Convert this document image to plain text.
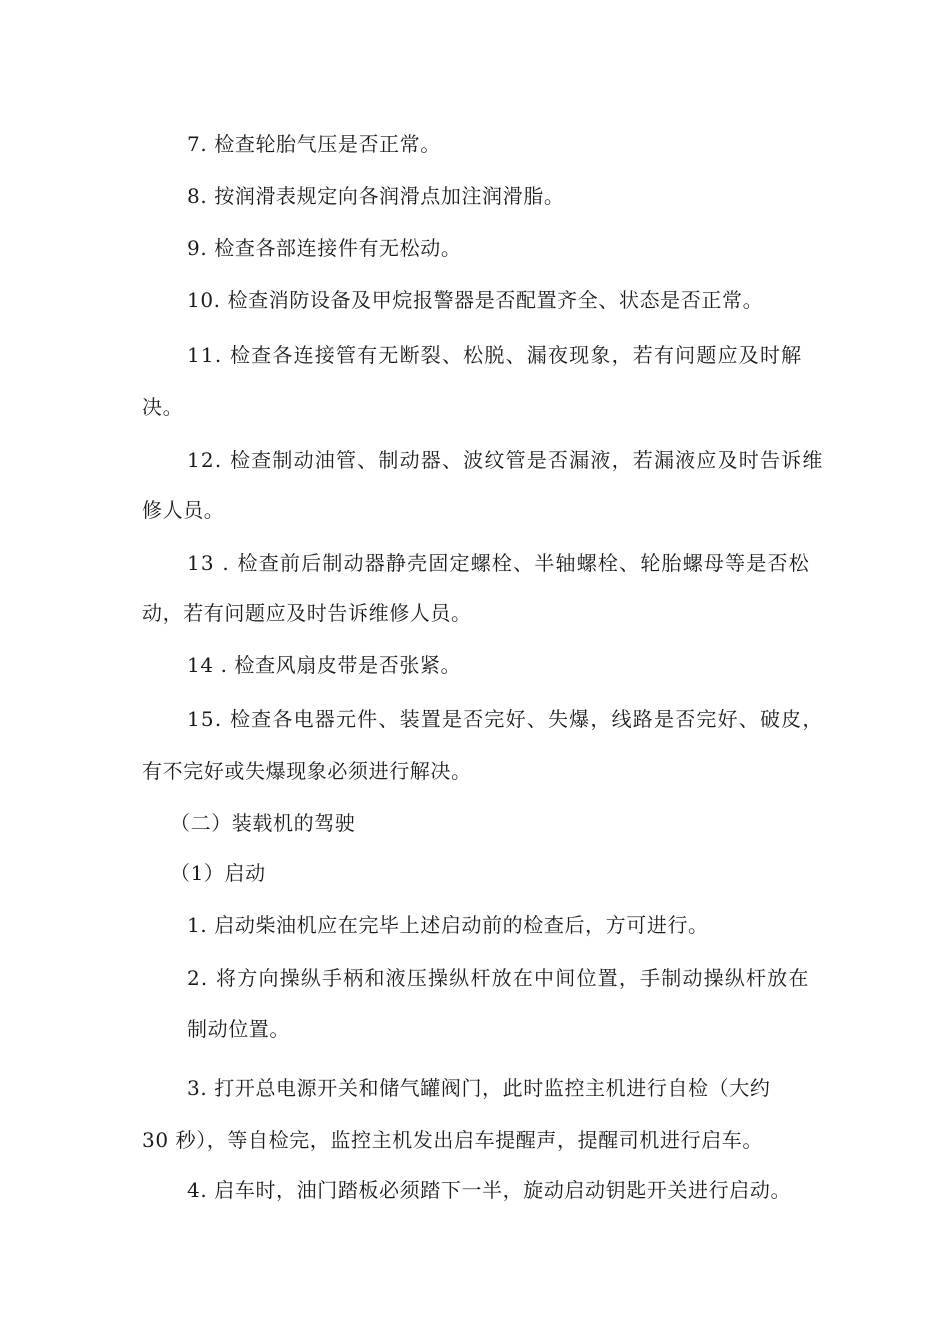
7. 检查轮胎气压是否正常。
8. 按润滑表规定向各润滑点加注润滑脂。
9. 检查各部连接件有无松动。
10. 检查消防设备及甲烷报警器是否配置齐全、状态是否正常。
11. 检查各连接管有无断裂、松脱、漏夜现象，若有问题应及时解
决。
12. 检查制动油管、制动器、波纹管是否漏液，若漏液应及时告诉维
修人员。
13 . 检查前后制动器静壳固定螺栓、半轴螺栓、轮胎螺母等是否松
动，若有问题应及时告诉维修人员。
14 . 检查风扇皮带是否张紧。
15. 检查各电器元件、装置是否完好、失爆，线路是否完好、破皮，
有不完好或失爆现象必须进行解决。
（二）装载机的驾驶
（1）启动
1. 启动柴油机应在完毕上述启动前的检查后，方可进行。
2. 将方向操纵手柄和液压操纵杆放在中间位置，手制动操纵杆放在
制动位置。
3. 打开总电源开关和储气罐阀门，此时监控主机进行自检（大约
30 秒），等自检完，监控主机发出启车提醒声，提醒司机进行启车。
4. 启车时，油门踏板必须踏下一半，旋动启动钥匙开关进行启动。
